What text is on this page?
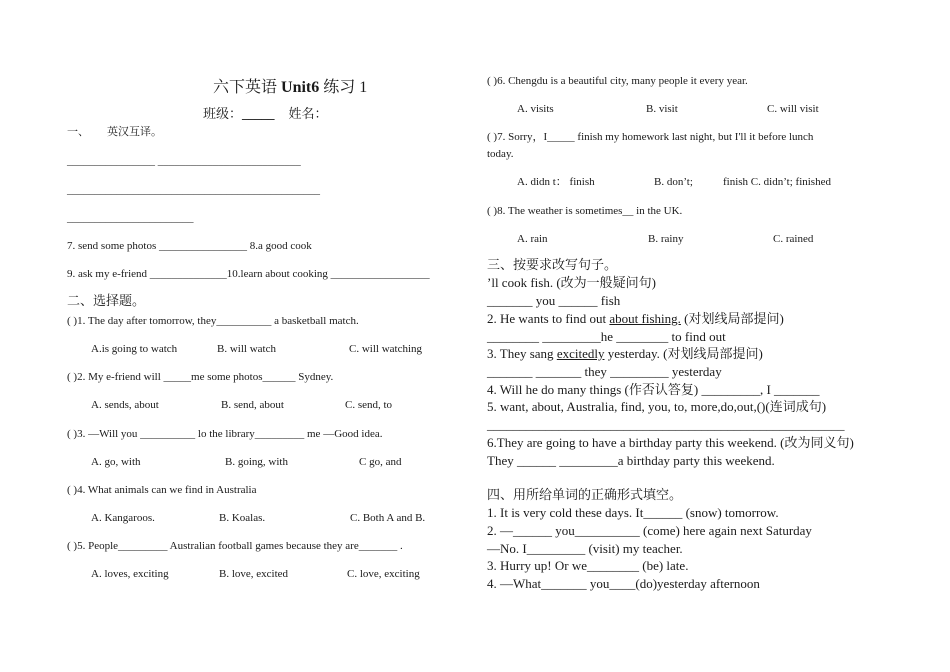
六下英语 Unit6 练习 1
班级：_____ 姓名：
一、 英汉互译。
________________ __________________________
______________________________________________
_______________________
7. send some photos ________________ 8.a good cook
9. ask my e-friend ______________10.learn about cooking __________________
二、选择题。
( )1. The day after tomorrow, they__________ a basketball match.
A.is going to watch	B. will watch	C. will watching
( )2. My e-friend will _____me some photos______ Sydney.
A. sends, about	B. send, about	C. send, to
( )3. —Will you __________ lo the library_________ me —Good idea.
A. go, with	B. going, with	C go, and
( )4. What animals can we find in Australia
A. Kangaroos.	B. Koalas.	C. Both A and B.
( )5. People_________ Australian football games because they are_______ .
A. loves, exciting	B. love, excited	C. love, exciting
( )6. Chengdu is a beautiful city, many people it every year.
A. visits	B. visit	C. will visit
( )7. Sorry，I_____ finish my homework last night, but I'll it before lunch
today.
A. didn t： finish	B. don’t;	finish C. didn’t; finished
( )8. The weather is sometimes__ in the UK.
A. rain	B. rainy	C. rained
三、按要求改写句子。
’ll cook fish. (改为一般疑问句)
_______ you ______ fish
2. He wants to find out about fishing. (对划线局部提问)
________ _________he ________ to find out
3. They sang excitedly yesterday. (对划线局部提问)
_______ _______ they _________ yesterday
4. Will he do many things (作否认答复) _________, I _______
5. want, about, Australia, find, you, to, more,do,out,()(连词成句)
_______________________________________________________
6.They are going to have a birthday party this weekend. (改为同义句)
They ______ _________a birthday party this weekend.
四、用所给单词的正确形式填空。
1. It is very cold these days. It______ (snow) tomorrow.
2. —______ you__________ (come) here again next Saturday
—No. I_________ (visit) my teacher.
3. Hurry up! Or we________ (be) late.
4. —What_______ you____(do)yesterday afternoon
